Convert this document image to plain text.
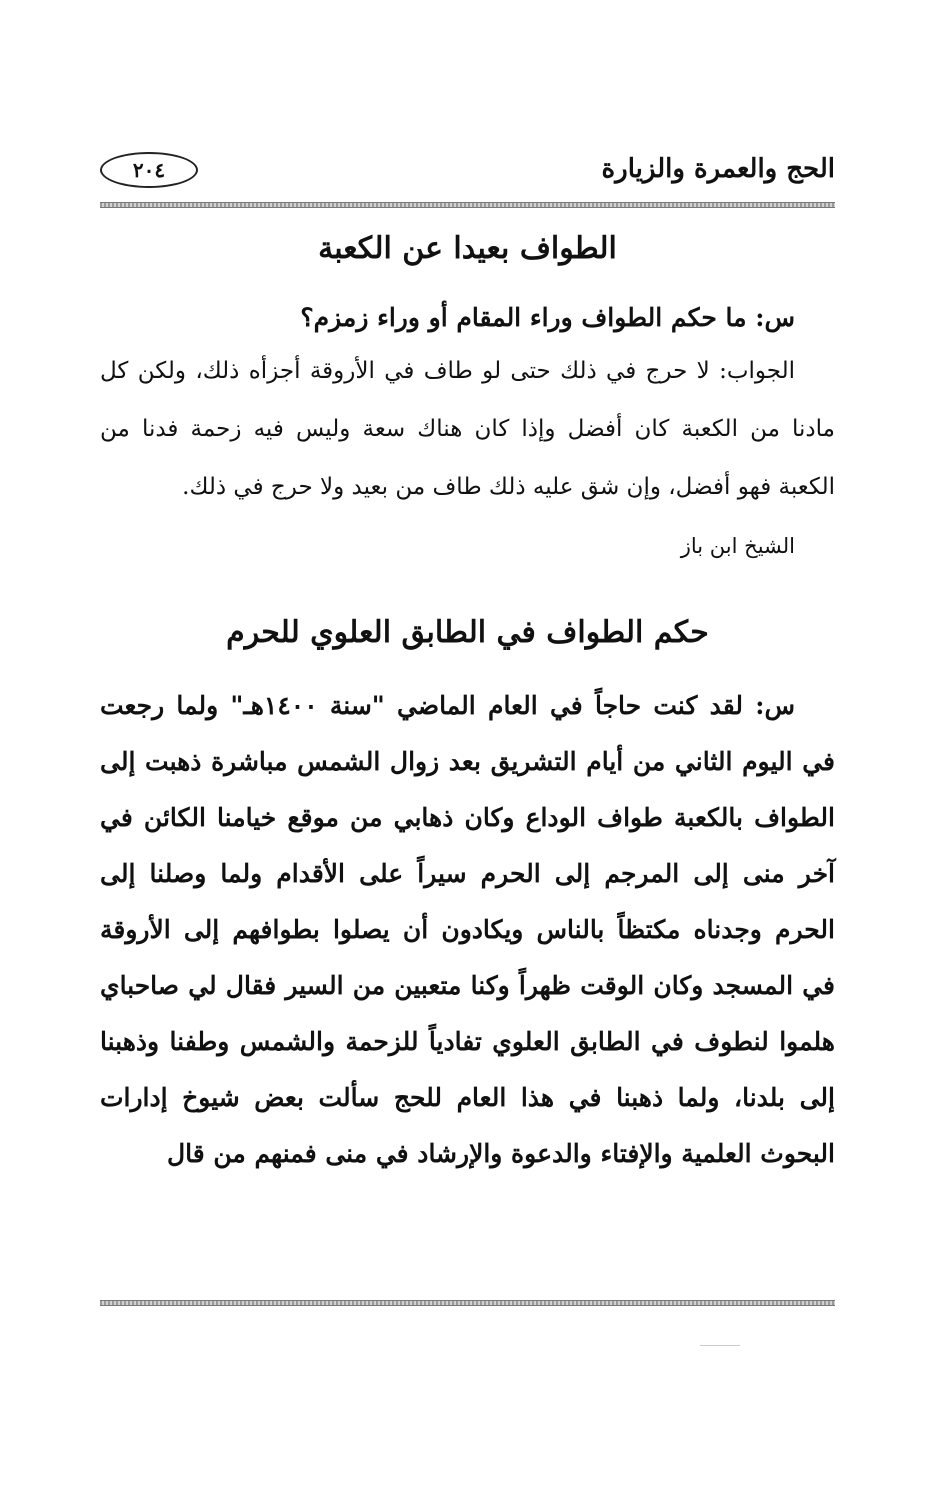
الحج والعمرة والزيارة
٢٠٤
الطواف بعيدا عن الكعبة

س: ما حكم الطواف وراء المقام أو وراء زمزم؟

الجواب: لا حرج في ذلك حتى لو طاف في الأروقة أجزأه ذلك، ولكن كل مادنا من الكعبة كان أفضل وإذا كان هناك سعة وليس فيه زحمة فدنا من الكعبة فهو أفضل، وإن شق عليه ذلك طاف من بعيد ولا حرج في ذلك.

الشيخ ابن باز

حكم الطواف في الطابق العلوي للحرم

س: لقد كنت حاجاً في العام الماضي "سنة ١٤٠٠هـ" ولما رجعت في اليوم الثاني من أيام التشريق بعد زوال الشمس مباشرة ذهبت إلى الطواف بالكعبة طواف الوداع وكان ذهابي من موقع خيامنا الكائن في آخر منى إلى المرجم إلى الحرم سيراً على الأقدام ولما وصلنا إلى الحرم وجدناه مكتظاً بالناس ويكادون أن يصلوا بطوافهم إلى الأروقة في المسجد وكان الوقت ظهراً وكنا متعبين من السير فقال لي صاحباي هلموا لنطوف في الطابق العلوي تفادياً للزحمة والشمس وطفنا وذهبنا إلى بلدنا، ولما ذهبنا في هذا العام للحج سألت بعض شيوخ إدارات البحوث العلمية والإفتاء والدعوة والإرشاد في منى فمنهم من قال
